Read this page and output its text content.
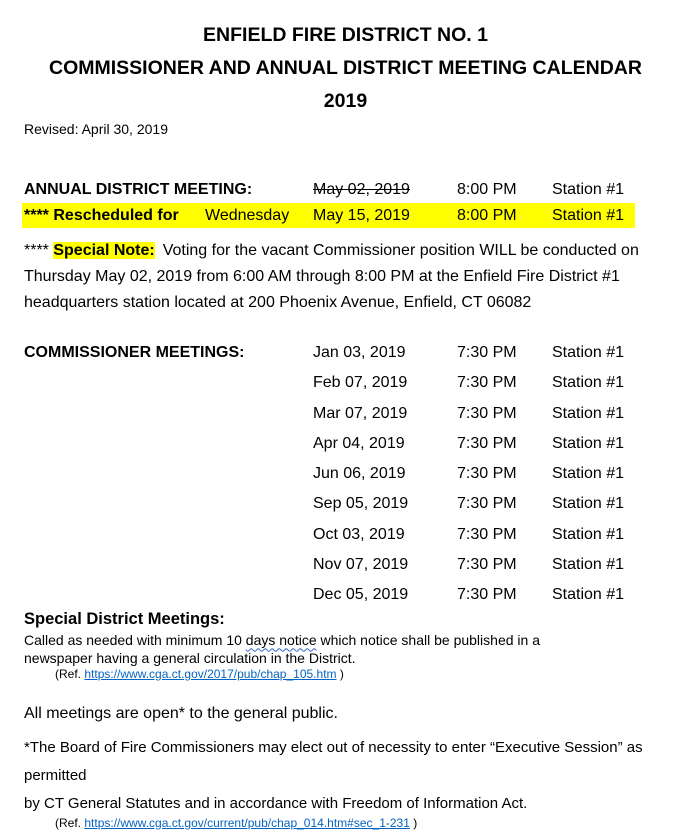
ENFIELD FIRE DISTRICT NO. 1
COMMISSIONER AND ANNUAL DISTRICT MEETING CALENDAR
2019
Revised: April 30, 2019
ANNUAL DISTRICT MEETING:	May 02, 2019	8:00 PM	Station #1
**** Rescheduled for	Wednesday	May 15, 2019	8:00 PM	Station #1
**** Special Note: Voting for the vacant Commissioner position WILL be conducted on
Thursday May 02, 2019 from 6:00 AM through 8:00 PM at the Enfield Fire District #1
headquarters station located at 200 Phoenix Avenue, Enfield, CT 06082
COMMISSIONER MEETINGS:	Jan 03, 2019	7:30 PM	Station #1
Feb 07, 2019	7:30 PM	Station #1
Mar 07, 2019	7:30 PM	Station #1
Apr 04, 2019	7:30 PM	Station #1
Jun 06, 2019	7:30 PM	Station #1
Sep 05, 2019	7:30 PM	Station #1
Oct 03, 2019	7:30 PM	Station #1
Nov 07, 2019	7:30 PM	Station #1
Dec 05, 2019	7:30 PM	Station #1
Special District Meetings:
Called as needed with minimum 10 days notice which notice shall be published in a
newspaper having a general circulation in the District.
(Ref. https://www.cga.ct.gov/2017/pub/chap_105.htm )
All meetings are open* to the general public.
*The Board of Fire Commissioners may elect out of necessity to enter “Executive Session” as permitted
by CT General Statutes and in accordance with Freedom of Information Act.
(Ref. https://www.cga.ct.gov/current/pub/chap_014.htm#sec_1-231 )
